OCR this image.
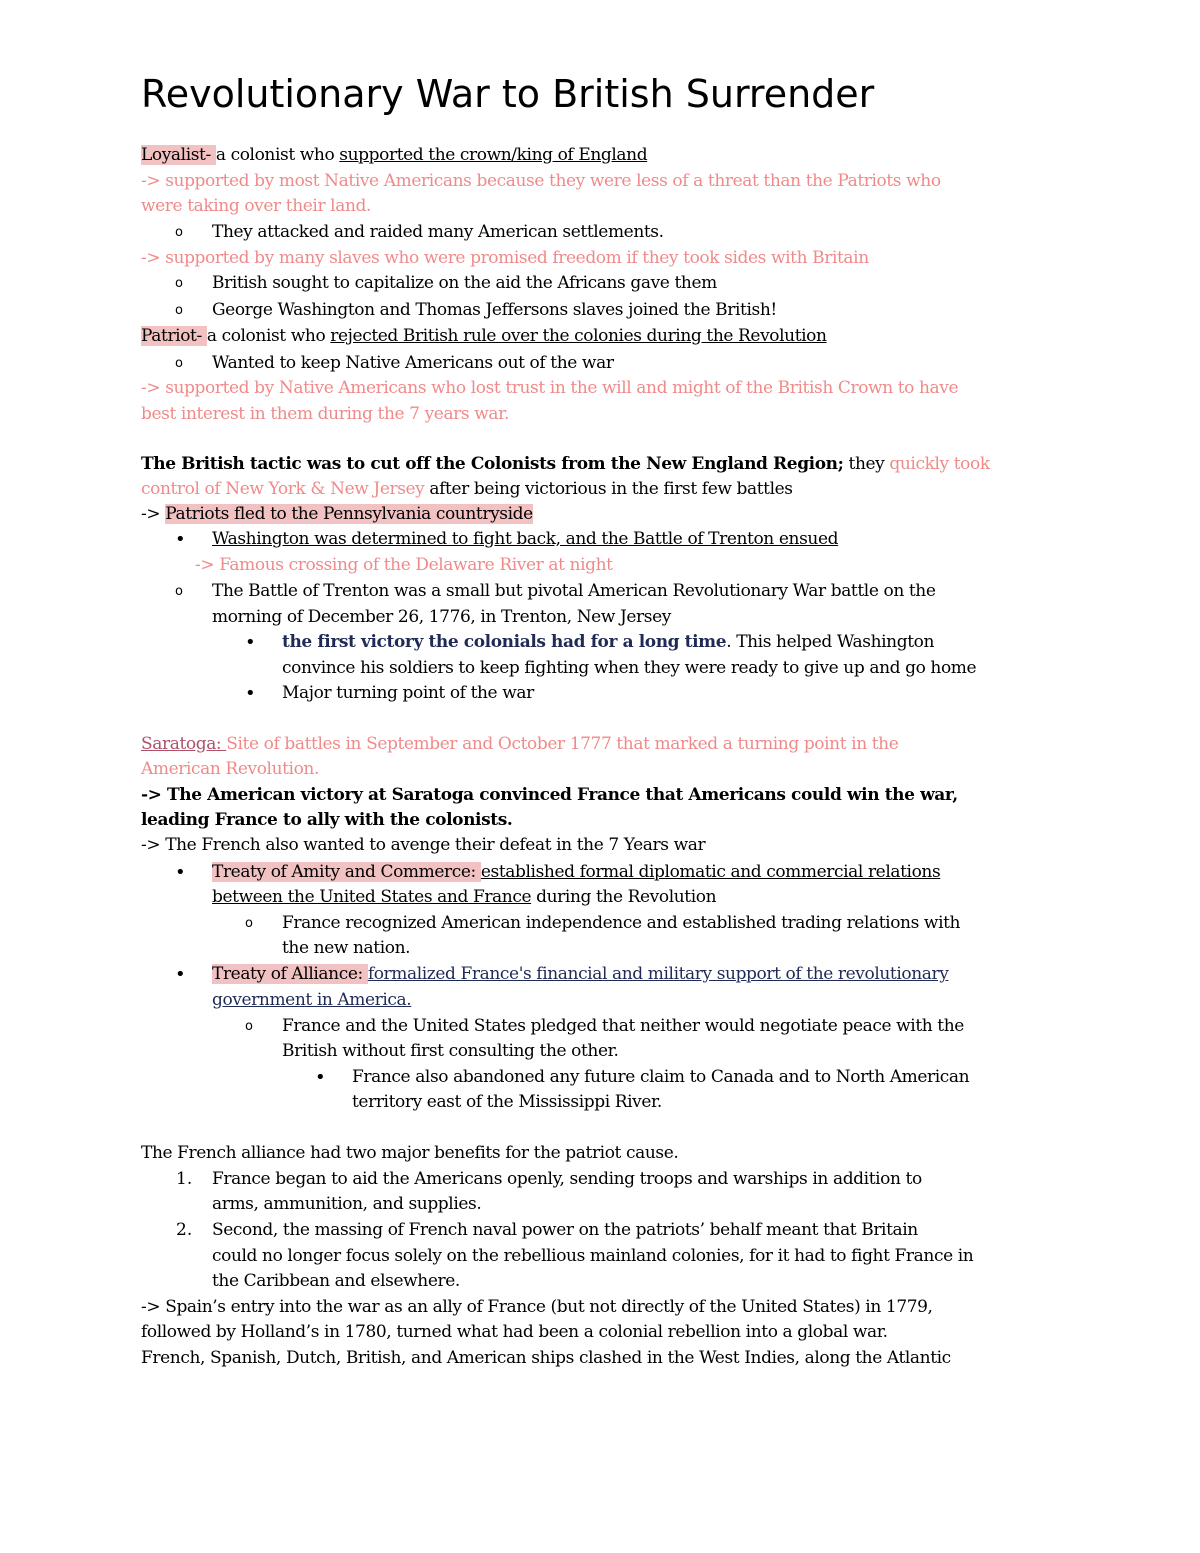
Revolutionary War to British Surrender
Loyalist- a colonist who supported the crown/king of England
-> supported by most Native Americans because they were less of a threat than the Patriots who
were taking over their land.
o They attacked and raided many American settlements.
-> supported by many slaves who were promised freedom if they took sides with Britain
o British sought to capitalize on the aid the Africans gave them
o George Washington and Thomas Jeffersons slaves joined the British!
Patriot- a colonist who rejected British rule over the colonies during the Revolution
o Wanted to keep Native Americans out of the war
-> supported by Native Americans who lost trust in the will and might of the British Crown to have
best interest in them during the 7 years war.
The British tactic was to cut off the Colonists from the New England Region; they quickly took
control of New York & New Jersey after being victorious in the first few battles
-> Patriots fled to the Pennsylvania countryside
• Washington was determined to fight back, and the Battle of Trenton ensued
-> Famous crossing of the Delaware River at night
o The Battle of Trenton was a small but pivotal American Revolutionary War battle on the
morning of December 26, 1776, in Trenton, New Jersey
• the first victory the colonials had for a long time. This helped Washington
convince his soldiers to keep fighting when they were ready to give up and go home
• Major turning point of the war
Saratoga: Site of battles in September and October 1777 that marked a turning point in the
American Revolution.
-> The American victory at Saratoga convinced France that Americans could win the war,
leading France to ally with the colonists.
-> The French also wanted to avenge their defeat in the 7 Years war
• Treaty of Amity and Commerce: established formal diplomatic and commercial relations
between the United States and France during the Revolution
o France recognized American independence and established trading relations with
the new nation.
• Treaty of Alliance: formalized France's financial and military support of the revolutionary
government in America.
o France and the United States pledged that neither would negotiate peace with the
British without first consulting the other.
• France also abandoned any future claim to Canada and to North American
territory east of the Mississippi River.
The French alliance had two major benefits for the patriot cause.
1. France began to aid the Americans openly, sending troops and warships in addition to
arms, ammunition, and supplies.
2. Second, the massing of French naval power on the patriots’ behalf meant that Britain
could no longer focus solely on the rebellious mainland colonies, for it had to fight France in
the Caribbean and elsewhere.
-> Spain’s entry into the war as an ally of France (but not directly of the United States) in 1779,
followed by Holland’s in 1780, turned what had been a colonial rebellion into a global war.
French, Spanish, Dutch, British, and American ships clashed in the West Indies, along the Atlantic
